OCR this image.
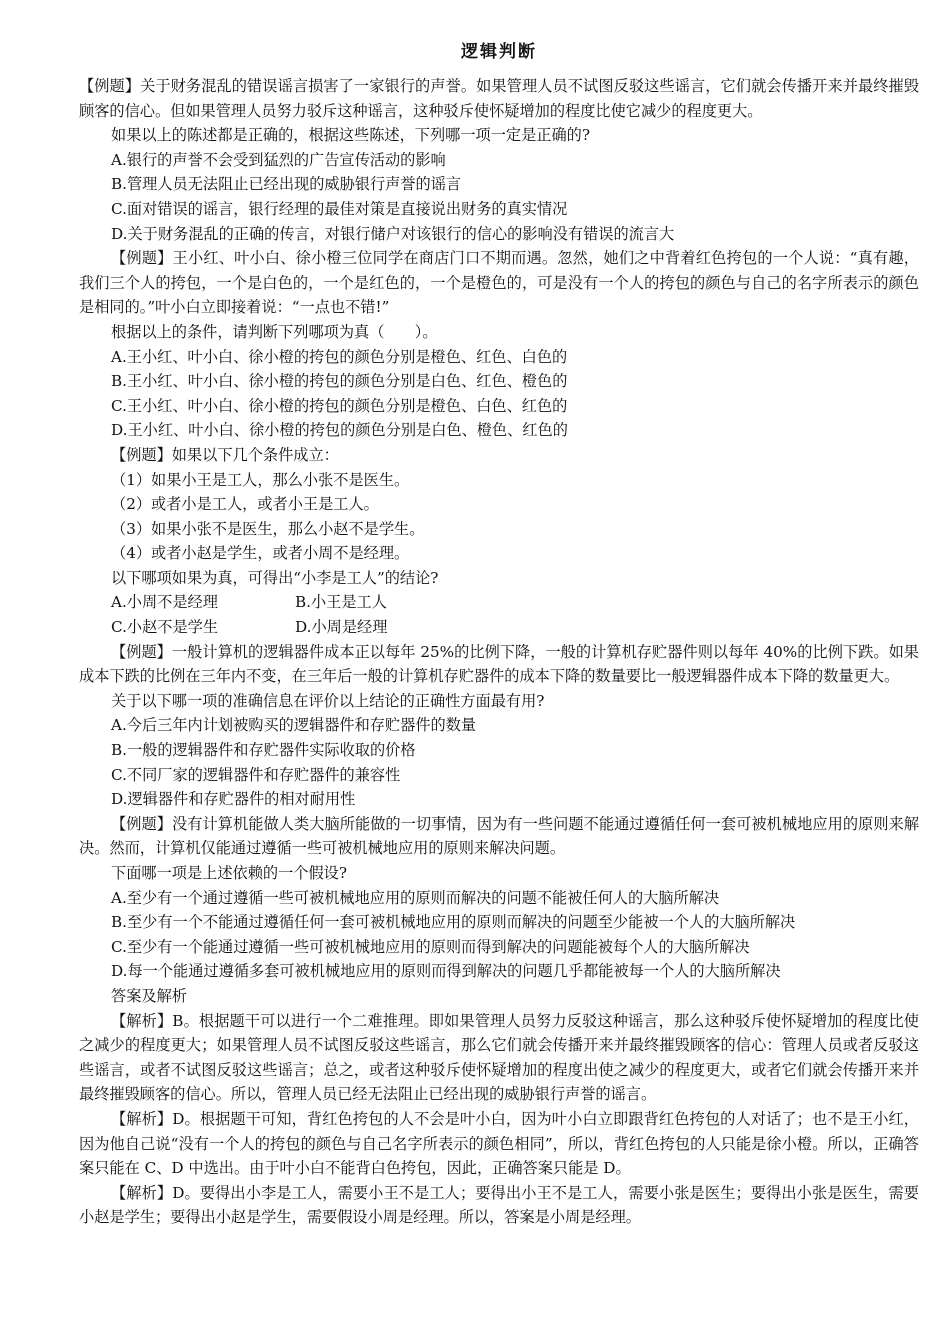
逻辑判断
【例题】关于财务混乱的错误谣言损害了一家银行的声誉。如果管理人员不试图反驳这些谣言，它们就会传播开来并最终摧毁顾客的信心。但如果管理人员努力驳斥这种谣言，这种驳斥使怀疑增加的程度比使它减少的程度更大。
如果以上的陈述都是正确的，根据这些陈述，下列哪一项一定是正确的?
A.银行的声誉不会受到猛烈的广告宣传活动的影响
B.管理人员无法阻止已经出现的威胁银行声誉的谣言
C.面对错误的谣言，银行经理的最佳对策是直接说出财务的真实情况
D.关于财务混乱的正确的传言，对银行储户对该银行的信心的影响没有错误的流言大
【例题】王小红、叶小白、徐小橙三位同学在商店门口不期而遇。忽然，她们之中背着红色挎包的一个人说：“真有趣，我们三个人的挎包，一个是白色的，一个是红色的，一个是橙色的，可是没有一个人的挎包的颜色与自己的名字所表示的颜色是相同的。”叶小白立即接着说：“一点也不错!”
根据以上的条件，请判断下列哪项为真（　　）。
A.王小红、叶小白、徐小橙的挎包的颜色分别是橙色、红色、白色的
B.王小红、叶小白、徐小橙的挎包的颜色分别是白色、红色、橙色的
C.王小红、叶小白、徐小橙的挎包的颜色分别是橙色、白色、红色的
D.王小红、叶小白、徐小橙的挎包的颜色分别是白色、橙色、红色的
【例题】如果以下几个条件成立：
（1）如果小王是工人，那么小张不是医生。
（2）或者小是工人，或者小王是工人。
（3）如果小张不是医生，那么小赵不是学生。
（4）或者小赵是学生，或者小周不是经理。
以下哪项如果为真，可得出“小李是工人”的结论?
A.小周不是经理	B.小王是工人
C.小赵不是学生	D.小周是经理
【例题】一般计算机的逻辑器件成本正以每年 25%的比例下降，一般的计算机存贮器件则以每年 40%的比例下跌。如果成本下跌的比例在三年内不变，在三年后一般的计算机存贮器件的成本下降的数量要比一般逻辑器件成本下降的数量更大。
关于以下哪一项的准确信息在评价以上结论的正确性方面最有用?
A.今后三年内计划被购买的逻辑器件和存贮器件的数量
B.一般的逻辑器件和存贮器件实际收取的价格
C.不同厂家的逻辑器件和存贮器件的兼容性
D.逻辑器件和存贮器件的相对耐用性
【例题】没有计算机能做人类大脑所能做的一切事情，因为有一些问题不能通过遵循任何一套可被机械地应用的原则来解决。然而，计算机仅能通过遵循一些可被机械地应用的原则来解决问题。
下面哪一项是上述依赖的一个假设?
A.至少有一个通过遵循一些可被机械地应用的原则而解决的问题不能被任何人的大脑所解决
B.至少有一个不能通过遵循任何一套可被机械地应用的原则而解决的问题至少能被一个人的大脑所解决
C.至少有一个能通过遵循一些可被机械地应用的原则而得到解决的问题能被每个人的大脑所解决
D.每一个能通过遵循多套可被机械地应用的原则而得到解决的问题几乎都能被每一个人的大脑所解决
答案及解析
【解析】B。根据题干可以进行一个二难推理。即如果管理人员努力反驳这种谣言，那么这种驳斥使怀疑增加的程度比使之减少的程度更大；如果管理人员不试图反驳这些谣言，那么它们就会传播开来并最终摧毁顾客的信心：管理人员或者反驳这些谣言，或者不试图反驳这些谣言；总之，或者这种驳斥使怀疑增加的程度出使之减少的程度更大，或者它们就会传播开来并最终摧毁顾客的信心。所以，管理人员已经无法阻止已经出现的威胁银行声誉的谣言。
【解析】D。根据题干可知，背红色挎包的人不会是叶小白，因为叶小白立即跟背红色挎包的人对话了；也不是王小红，因为他自己说“没有一个人的挎包的颜色与自己名字所表示的颜色相同”，所以，背红色挎包的人只能是徐小橙。所以，正确答案只能在 C、D 中选出。由于叶小白不能背白色挎包，因此，正确答案只能是 D。
【解析】D。要得出小李是工人，需要小王不是工人；要得出小王不是工人，需要小张是医生；要得出小张是医生，需要小赵是学生；要得出小赵是学生，需要假设小周是经理。所以，答案是小周是经理。
